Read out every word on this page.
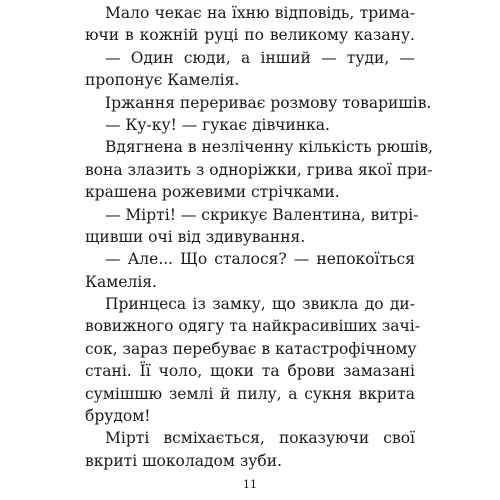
Мало чекає на їхню відповідь, трима-
ючи в кожній руці по великому казану.
— Один сюди, а інший — туди, —
пропонує Камелія.
Іржання перериває розмову товаришів.
— Ку-ку! — гукає дівчинка.
Вдягнена в незліченну кількість рюшів,
вона злазить з одноріжки, грива якої при-
крашена рожевими стрічками.
— Мірті! — скрикує Валентина, витрі-
щивши очі від здивування.
— Але... Що сталося? — непокоїться
Камелія.
Принцеса із замку, що звикла до ди-
вовижного одягу та найкрасивіших зачі-
сок, зараз перебуває в катастрофічному
стані. Її чоло, щоки та брови замазані
сумішшю землі й пилу, а сукня вкрита
брудом!
Мірті всміхається, показуючи свої
вкриті шоколадом зуби.
11
